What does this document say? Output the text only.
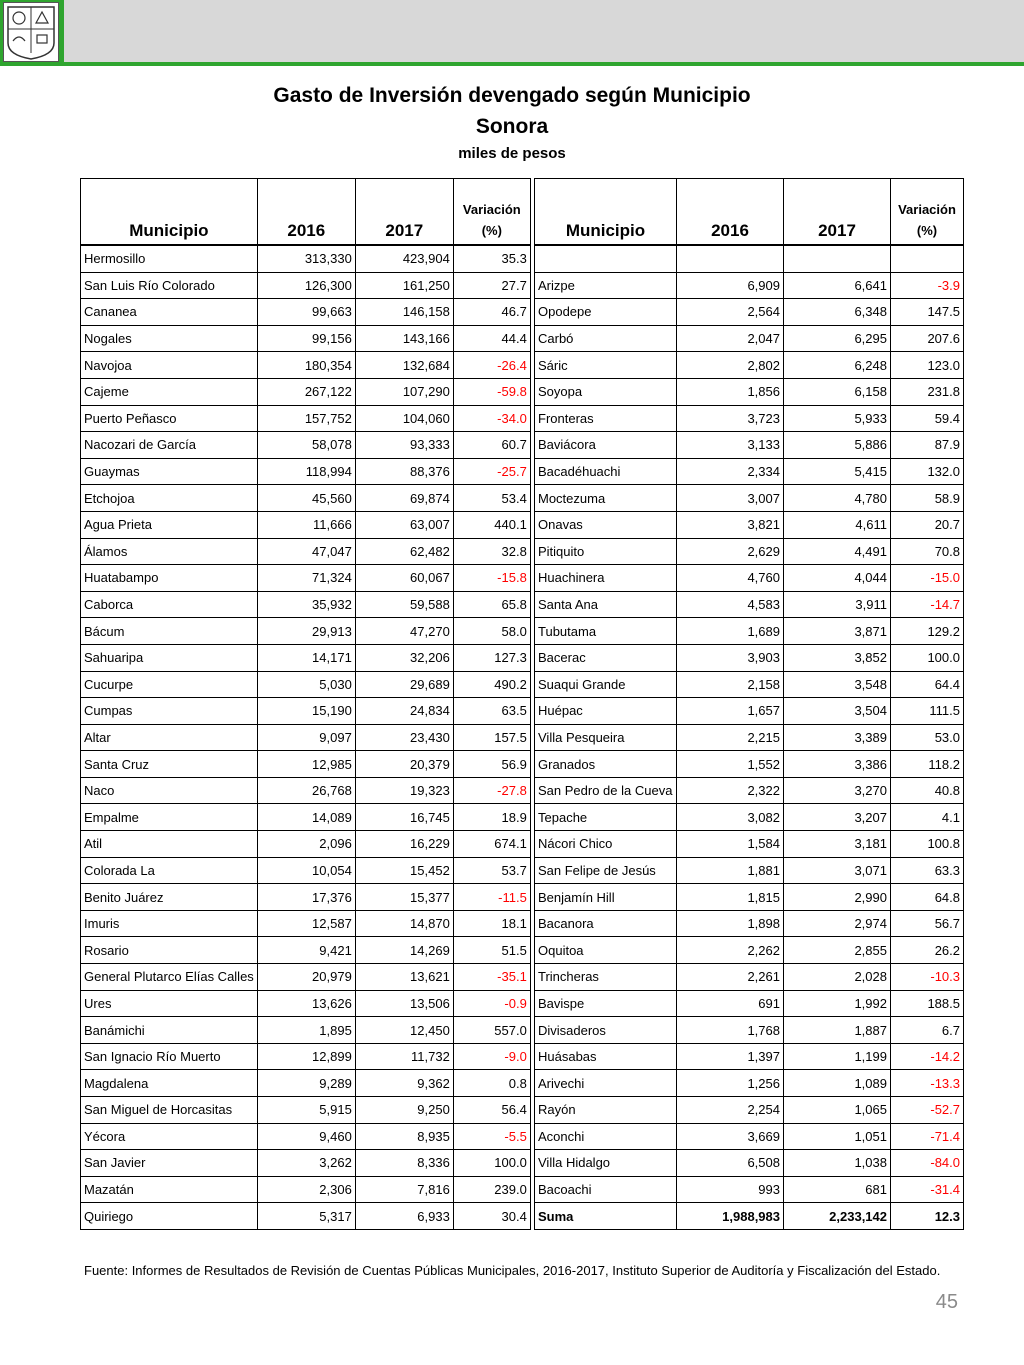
Gasto de Inversión devengado según Municipio
Sonora
miles de pesos
Municipio	2016	2017	Variación
(%)
Hermosillo	313,330	423,904	35.3
San Luis Río Colorado	126,300	161,250	27.7
Cananea	99,663	146,158	46.7
Nogales	99,156	143,166	44.4
Navojoa	180,354	132,684	-26.4
Cajeme	267,122	107,290	-59.8
Puerto Peñasco	157,752	104,060	-34.0
Nacozari de García	58,078	93,333	60.7
Guaymas	118,994	88,376	-25.7
Etchojoa	45,560	69,874	53.4
Agua Prieta	11,666	63,007	440.1
Álamos	47,047	62,482	32.8
Huatabampo	71,324	60,067	-15.8
Caborca	35,932	59,588	65.8
Bácum	29,913	47,270	58.0
Sahuaripa	14,171	32,206	127.3
Cucurpe	5,030	29,689	490.2
Cumpas	15,190	24,834	63.5
Altar	9,097	23,430	157.5
Santa Cruz	12,985	20,379	56.9
Naco	26,768	19,323	-27.8
Empalme	14,089	16,745	18.9
Atil	2,096	16,229	674.1
Colorada La	10,054	15,452	53.7
Benito Juárez	17,376	15,377	-11.5
Imuris	12,587	14,870	18.1
Rosario	9,421	14,269	51.5
General Plutarco Elías Calles	20,979	13,621	-35.1
Ures	13,626	13,506	-0.9
Banámichi	1,895	12,450	557.0
San Ignacio Río Muerto	12,899	11,732	-9.0
Magdalena	9,289	9,362	0.8
San Miguel de Horcasitas	5,915	9,250	56.4
Yécora	9,460	8,935	-5.5
San Javier	3,262	8,336	100.0
Mazatán	2,306	7,816	239.0
Quiriego	5,317	6,933	30.4
Municipio	2016	2017	Variación
(%)

Arizpe	6,909	6,641	-3.9
Opodepe	2,564	6,348	147.5
Carbó	2,047	6,295	207.6
Sáric	2,802	6,248	123.0
Soyopa	1,856	6,158	231.8
Fronteras	3,723	5,933	59.4
Baviácora	3,133	5,886	87.9
Bacadéhuachi	2,334	5,415	132.0
Moctezuma	3,007	4,780	58.9
Onavas	3,821	4,611	20.7
Pitiquito	2,629	4,491	70.8
Huachinera	4,760	4,044	-15.0
Santa Ana	4,583	3,911	-14.7
Tubutama	1,689	3,871	129.2
Bacerac	3,903	3,852	100.0
Suaqui Grande	2,158	3,548	64.4
Huépac	1,657	3,504	111.5
Villa Pesqueira	2,215	3,389	53.0
Granados	1,552	3,386	118.2
San Pedro de la Cueva	2,322	3,270	40.8
Tepache	3,082	3,207	4.1
Nácori Chico	1,584	3,181	100.8
San Felipe de Jesús	1,881	3,071	63.3
Benjamín Hill	1,815	2,990	64.8
Bacanora	1,898	2,974	56.7
Oquitoa	2,262	2,855	26.2
Trincheras	2,261	2,028	-10.3
Bavispe	691	1,992	188.5
Divisaderos	1,768	1,887	6.7
Huásabas	1,397	1,199	-14.2
Arivechi	1,256	1,089	-13.3
Rayón	2,254	1,065	-52.7
Aconchi	3,669	1,051	-71.4
Villa Hidalgo	6,508	1,038	-84.0
Bacoachi	993	681	-31.4
Suma	1,988,983	2,233,142	12.3
Fuente: Informes de Resultados de Revisión de Cuentas Públicas Municipales, 2016-2017, Instituto Superior de Auditoría y Fiscalización del Estado.
45
